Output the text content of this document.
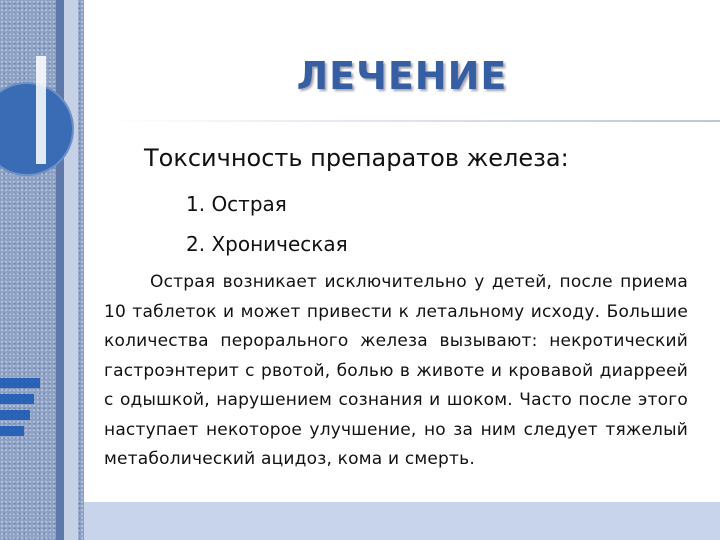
ЛЕЧЕНИЕ
Токсичность препаратов железа:
1. Острая
2. Хроническая
Острая возникает исключительно у детей, после приема 10 таблеток и может привести к летальному исходу. Большие количества перорального железа вызывают: некротический гастроэнтерит с рвотой, болью в животе и кровавой диарреей с одышкой, нарушением сознания и шоком. Часто после этого наступает некоторое улучшение, но за ним следует тяжелый метаболический ацидоз, кома и смерть.
